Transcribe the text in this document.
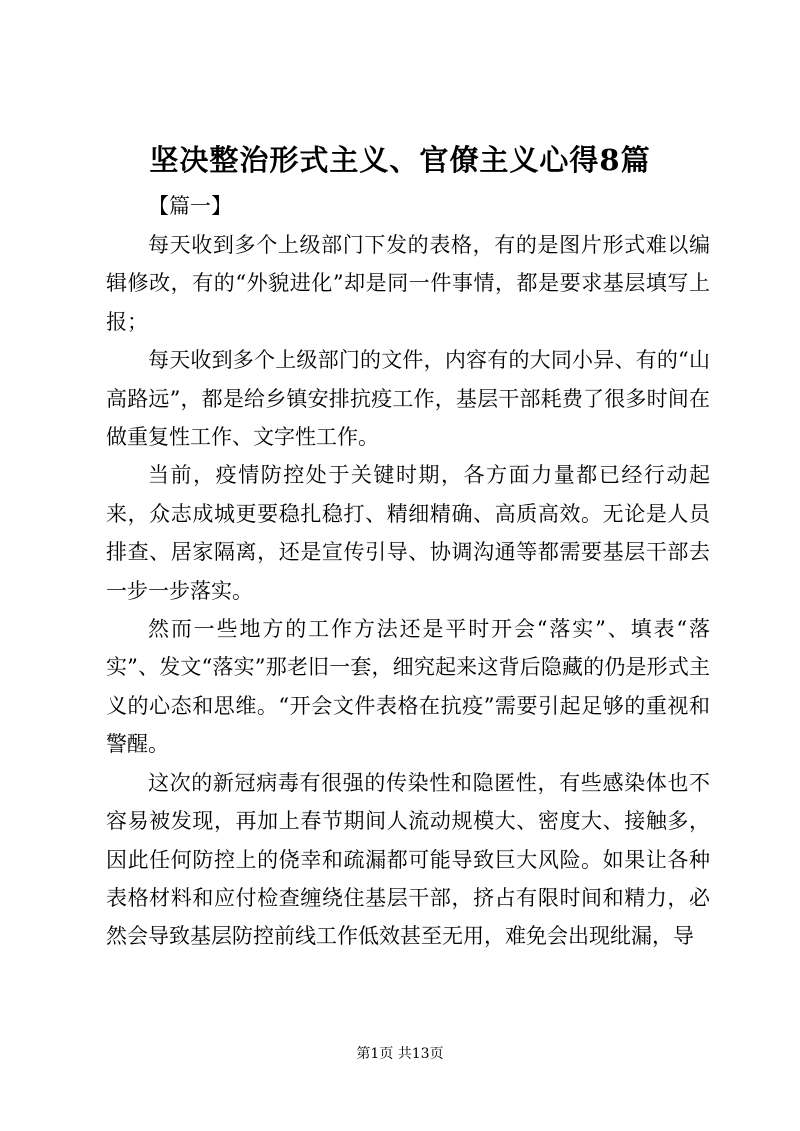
坚决整治形式主义、官僚主义心得8篇
【篇一】

每天收到多个上级部门下发的表格，有的是图片形式难以编辑修改，有的“外貌进化”却是同一件事情，都是要求基层填写上报；

每天收到多个上级部门的文件，内容有的大同小异、有的“山高路远”，都是给乡镇安排抗疫工作，基层干部耗费了很多时间在做重复性工作、文字性工作。

当前，疫情防控处于关键时期，各方面力量都已经行动起来，众志成城更要稳扎稳打、精细精确、高质高效。无论是人员排查、居家隔离，还是宣传引导、协调沟通等都需要基层干部去一步一步落实。

然而一些地方的工作方法还是平时开会“落实”、填表“落实”、发文“落实”那老旧一套，细究起来这背后隐藏的仍是形式主义的心态和思维。“开会文件表格在抗疫”需要引起足够的重视和警醒。

这次的新冠病毒有很强的传染性和隐匿性，有些感染体也不容易被发现，再加上春节期间人流动规模大、密度大、接触多，因此任何防控上的侥幸和疏漏都可能导致巨大风险。如果让各种表格材料和应付检查缠绕住基层干部，挤占有限时间和精力，必然会导致基层防控前线工作低效甚至无用，难免会出现纰漏，导

第1页 共13页
